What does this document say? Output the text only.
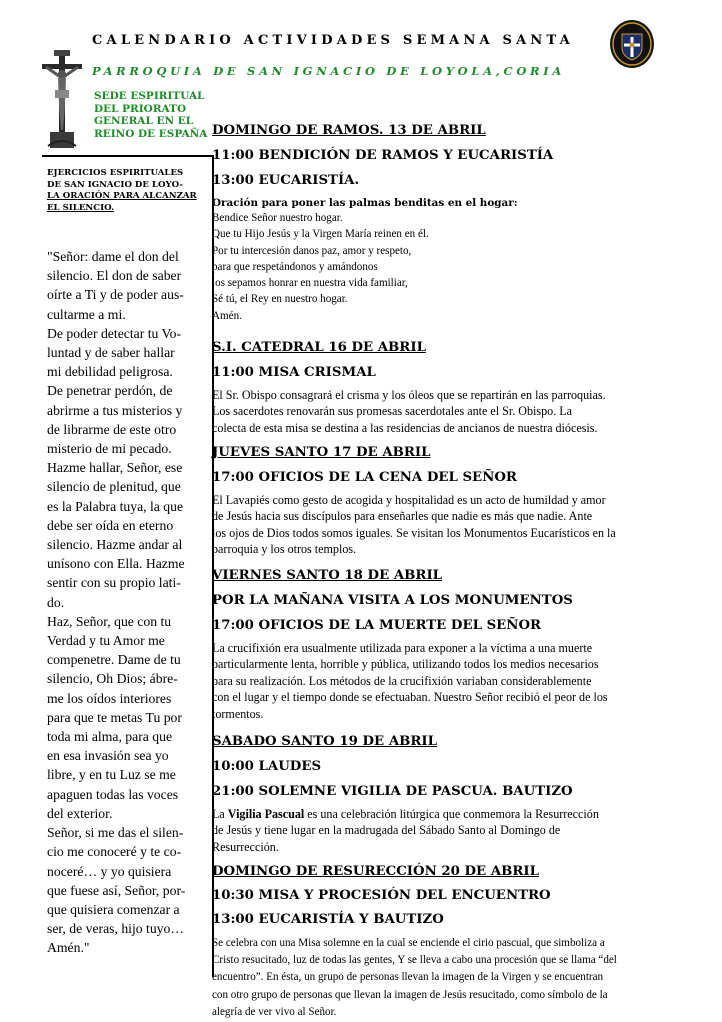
CALENDARIO ACTIVIDADES SEMANA SANTA
PARROQUIA DE SAN IGNACIO DE LOYOLA,CORIA
SEDE ESPIRITUAL
DEL PRIORATO
GENERAL EN EL
REINO DE ESPAÑA
EJERCICIOS ESPIRITUALES
DE SAN IGNACIO DE LOYO-
LA ORACIÓN PARA ALCANZAR
EL SILENCIO.
"Señor: dame el don del
silencio. El don de saber
oírte a Ti y de poder aus-
cultarme a mi.
De poder detectar tu Vo-
luntad y de saber hallar
mi debilidad peligrosa.
De penetrar perdón, de
abrirme a tus misterios y
de librarme de este otro
misterio de mi pecado.
Hazme hallar, Señor, ese
silencio de plenitud, que
es la Palabra tuya, la que
debe ser oída en eterno
silencio. Hazme andar al
unísono con Ella. Hazme
sentir con su propio lati-
do.
Haz, Señor, que con tu
Verdad y tu Amor me
compenetre. Dame de tu
silencio, Oh Dios; ábre-
me los oídos interiores
para que te metas Tu por
toda mi alma, para que
en esa invasión sea yo
libre, y en tu Luz se me
apaguen todas las voces
del exterior.
Señor, si me das el silen-
cio me conoceré y te co-
noceré… y yo quisiera
que fuese así, Señor, por-
que quisiera comenzar a
ser, de veras, hijo tuyo…
Amén."
DOMINGO DE RAMOS. 13 DE ABRIL
11:00 BENDICIÓN DE RAMOS Y EUCARISTÍA
13:00 EUCARISTÍA.
Oración para poner las palmas benditas en el hogar:
Bendice Señor nuestro hogar.
Que tu Hijo Jesús y la Virgen María reinen en él.
Por tu intercesión danos paz, amor y respeto,
para que respetándonos y amándonos
los sepamos honrar en nuestra vida familiar,
Sé tú, el Rey en nuestro hogar.
Amén.
S.I. CATEDRAL 16 DE ABRIL
11:00 MISA CRISMAL
El Sr. Obispo consagrará el crisma y los óleos que se repartirán en las parroquias.
Los sacerdotes renovarán sus promesas sacerdotales ante el Sr. Obispo. La
colecta de esta misa se destina a las residencias de ancianos de nuestra diócesis.
JUEVES SANTO 17 DE ABRIL
17:00 OFICIOS DE LA CENA DEL SEÑOR
El Lavapiés como gesto de acogida y hospitalidad es un acto de humildad y amor
de Jesús hacia sus discípulos para enseñarles que nadie es más que nadie. Ante
los ojos de Dios todos somos iguales. Se visitan los Monumentos Eucarísticos en la
parroquia y los otros templos.
VIERNES SANTO 18 DE ABRIL
POR LA MAÑANA VISITA A LOS MONUMENTOS
17:00 OFICIOS DE LA MUERTE DEL SEÑOR
La crucifixión era usualmente utilizada para exponer a la víctima a una muerte
particularmente lenta, horrible y pública, utilizando todos los medios necesarios
para su realización. Los métodos de la crucifixión variaban considerablemente
con el lugar y el tiempo donde se efectuaban. Nuestro Señor recibió el peor de los
tormentos.
SABADO SANTO 19 DE ABRIL
10:00 LAUDES
21:00 SOLEMNE VIGILIA DE PASCUA. BAUTIZO
La Vigilia Pascual es una celebración litúrgica que conmemora la Resurrección
de Jesús y tiene lugar en la madrugada del Sábado Santo al Domingo de
Resurrección.
DOMINGO DE RESURECCIÓN 20 DE ABRIL
10:30 MISA Y PROCESIÓN DEL ENCUENTRO
13:00 EUCARISTÍA Y BAUTIZO
Se celebra con una Misa solemne en la cual se enciende el cirio pascual, que simboliza a
Cristo resucitado, luz de todas las gentes, Y se lleva a cabo una procesión que se llama “del
encuentro”. En ésta, un grupo de personas llevan la imagen de la Virgen y se encuentran
con otro grupo de personas que llevan la imagen de Jesús resucitado, como símbolo de la
alegría de ver vivo al Señor.
